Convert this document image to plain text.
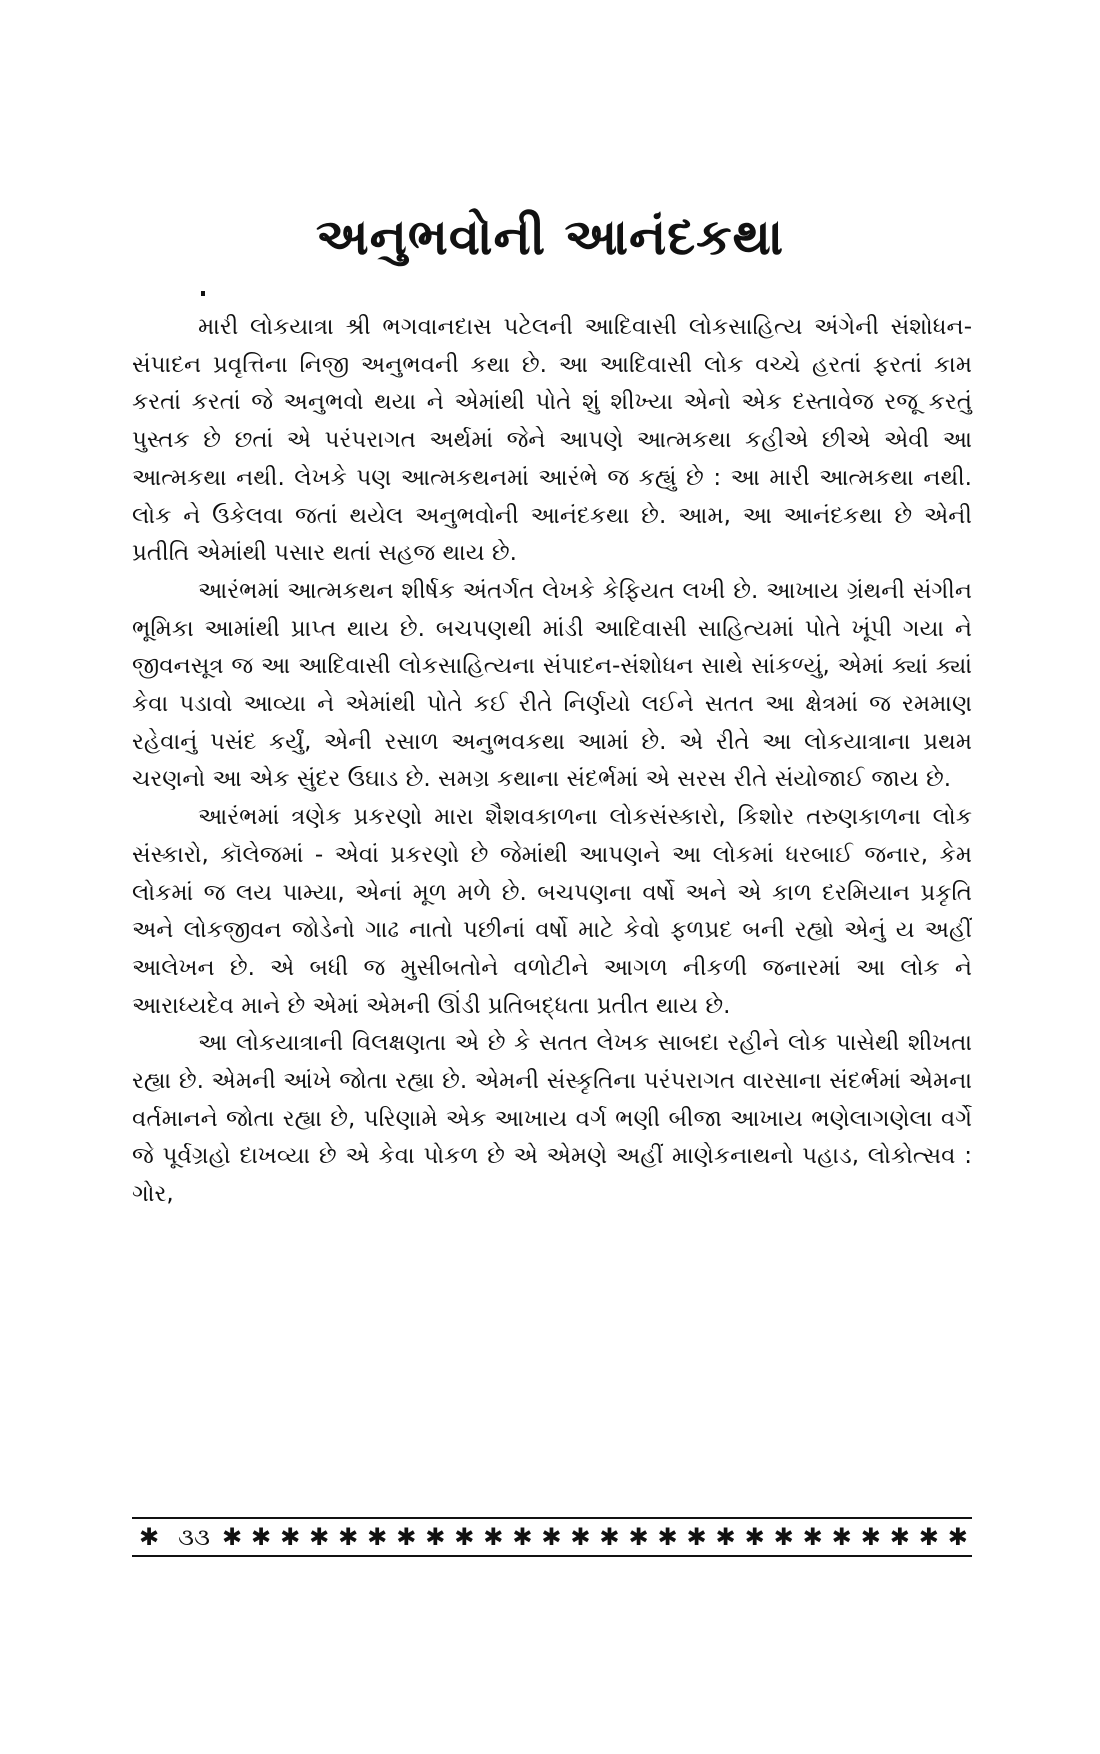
અનુભવોની આનંદકથા

મારી લોકયાત્રા શ્રી ભગવાનદાસ પટેલની આદિવાસી લોકસાહિત્ય અંગેની સંશોધન-સંપાદન પ્રવૃત્તિના નિજી અનુભવની કથા છે. આ આદિવાસી લોક વચ્ચે હરતાં ફરતાં કામ કરતાં કરતાં જે અનુભવો થયા ને એમાંથી પોતે શું શીખ્યા એનો એક દસ્તાવેજ રજૂ કરતું પુસ્તક છે છતાં એ પરંપરાગત અર્થમાં જેને આપણે આત્મકથા કહીએ છીએ એવી આ આત્મકથા નથી. લેખકે પણ આત્મકથનમાં આરંભે જ કહ્યું છે : આ મારી આત્મકથા નથી. લોક ને ઉકેલવા જતાં થયેલ અનુભવોની આનંદકથા છે. આમ, આ આનંદકથા છે એની પ્રતીતિ એમાંથી પસાર થતાં સહજ થાય છે.

આરંભમાં આત્મકથન શીર્ષક અંતર્ગત લેખકે કેફિયત લખી છે. આખાય ગ્રંથની સંગીન ભૂમિકા આમાંથી પ્રાપ્ત થાય છે. બચપણથી માંડી આદિવાસી સાહિત્યમાં પોતે ખૂંપી ગયા ને જીવનસૂત્ર જ આ આદિવાસી લોકસાહિત્યના સંપાદન-સંશોધન સાથે સાંકળ્યું, એમાં ક્યાં ક્યાં કેવા પડાવો આવ્યા ને એમાંથી પોતે કઈ રીતે નિર્ણયો લઈને સતત આ ક્ષેત્રમાં જ રમમાણ રહેવાનું પસંદ કર્યું, એની રસાળ અનુભવકથા આમાં છે. એ રીતે આ લોકયાત્રાના પ્રથમ ચરણનો આ એક સુંદર ઉઘાડ છે. સમગ્ર કથાના સંદર્ભમાં એ સરસ રીતે સંયોજાઈ જાય છે.

આરંભમાં ત્રણેક પ્રકરણો મારા શૈશવકાળના લોકસંસ્કારો, કિશોર તરુણકાળના લોક સંસ્કારો, કૉલેજમાં - એવાં પ્રકરણો છે જેમાંથી આપણને આ લોકમાં ધરબાઈ જનાર, કેમ લોકમાં જ લય પામ્યા, એનાં મૂળ મળે છે. બચપણના વર્ષો અને એ કાળ દરમિયાન પ્રકૃતિ અને લોકજીવન જોડેનો ગાઢ નાતો પછીનાં વર્ષો માટે કેવો ફળપ્રદ બની રહ્યો એનું ય અહીં આલેખન છે. એ બધી જ મુસીબતોને વળોટીને આગળ નીકળી જનારમાં આ લોક ને આરાધ્યદેવ માને છે એમાં એમની ઊંડી પ્રતિબદ્ધતા પ્રતીત થાય છે.

આ લોકયાત્રાની વિલક્ષણતા એ છે કે સતત લેખક સાબદા રહીને લોક પાસેથી શીખતા રહ્યા છે. એમની આંખે જોતા રહ્યા છે. એમની સંસ્કૃતિના પરંપરાગત વારસાના સંદર્ભમાં એમના વર્તમાનને જોતા રહ્યા છે, પરિણામે એક આખાય વર્ગ ભણી બીજા આખાય ભણેલાગણેલા વર્ગે જે પૂર્વગ્રહો દાખવ્યા છે એ કેવા પોકળ છે એ એમણે અહીં માણેકનાથનો પહાડ, લોકોત્સવ : ગોર,

✱ ૩૩ ✱ ✱ ✱ ✱ ✱ ✱ ✱ ✱ ✱ ✱ ✱ ✱ ✱ ✱ ✱ ✱ ✱ ✱ ✱ ✱ ✱ ✱ ✱ ✱ ✱ ✱
